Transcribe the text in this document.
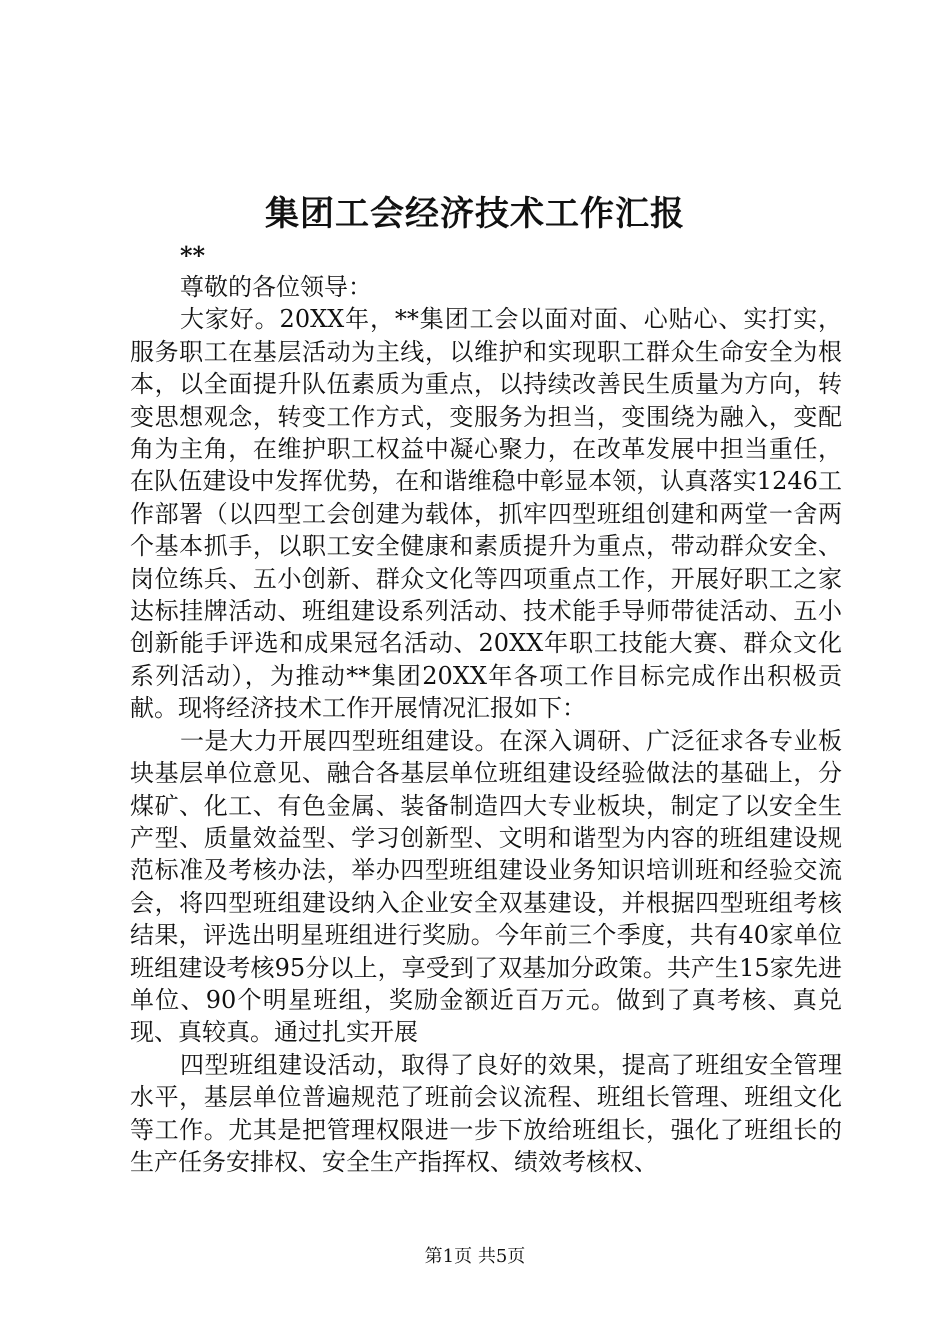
集团工会经济技术工作汇报
**

尊敬的各位领导：

大家好。20XX年，**集团工会以面对面、心贴心、实打实，服务职工在基层活动为主线，以维护和实现职工群众生命安全为根本，以全面提升队伍素质为重点，以持续改善民生质量为方向，转变思想观念，转变工作方式，变服务为担当，变围绕为融入，变配角为主角，在维护职工权益中凝心聚力，在改革发展中担当重任，在队伍建设中发挥优势，在和谐维稳中彰显本领，认真落实1246工作部署（以四型工会创建为载体，抓牢四型班组创建和两堂一舍两个基本抓手，以职工安全健康和素质提升为重点，带动群众安全、岗位练兵、五小创新、群众文化等四项重点工作，开展好职工之家达标挂牌活动、班组建设系列活动、技术能手导师带徒活动、五小创新能手评选和成果冠名活动、20XX年职工技能大赛、群众文化系列活动），为推动**集团20XX年各项工作目标完成作出积极贡献。现将经济技术工作开展情况汇报如下：

一是大力开展四型班组建设。在深入调研、广泛征求各专业板块基层单位意见、融合各基层单位班组建设经验做法的基础上，分煤矿、化工、有色金属、装备制造四大专业板块，制定了以安全生产型、质量效益型、学习创新型、文明和谐型为内容的班组建设规范标准及考核办法，举办四型班组建设业务知识培训班和经验交流会，将四型班组建设纳入企业安全双基建设，并根据四型班组考核结果，评选出明星班组进行奖励。今年前三个季度，共有40家单位班组建设考核95分以上，享受到了双基加分政策。共产生15家先进单位、90个明星班组，奖励金额近百万元。做到了真考核、真兑现、真较真。通过扎实开展

四型班组建设活动，取得了良好的效果，提高了班组安全管理水平，基层单位普遍规范了班前会议流程、班组长管理、班组文化等工作。尤其是把管理权限进一步下放给班组长，强化了班组长的生产任务安排权、安全生产指挥权、绩效考核权、

第1页 共5页
